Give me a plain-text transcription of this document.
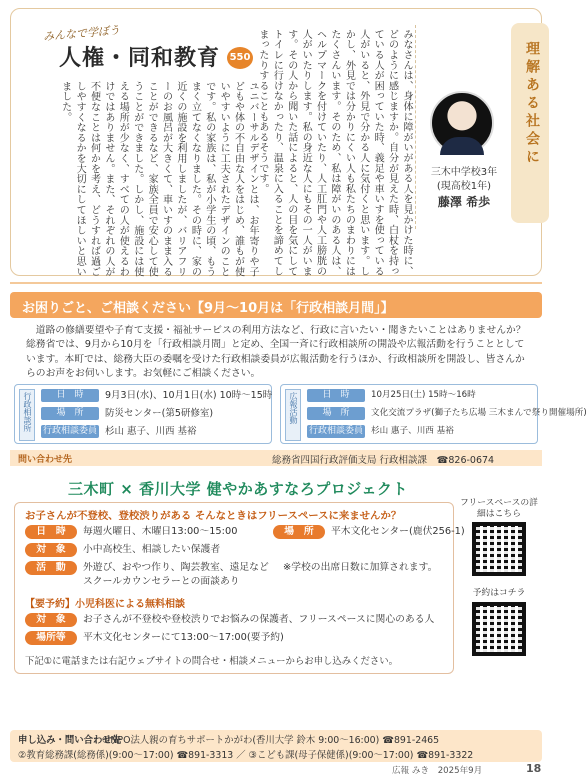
みんなで学ぼう
人権・同和教育 550
ユニバーサルデザインとは、お年寄りや子どもや体の不自由な人をはじめ、誰もが使いやすいように工夫されたデザインのことです。私の家族は、私が小学生の頃、もうまく立てなくなりました。その時に、家の近くの施設を利用しましたが、バリアフリーのお風呂が大きくて、車いすのまま入ることができるなど、家族全員で安心して使うことができました。しかし、施設には使える場所が少なく、すべての人が使えるわけではありません。また、それぞれの人が不便なことは何かを考え、どうすれば過ごしやすくなるかを大切にしてほしいと思いました。	みなさんは、身体に障がいがある人を見かけた時に、どのように感じますか。自分が見えた時、白杖を持っている人が困っていた時、義足や車いすを使っている人がいると、外見で分かる人に気付くと思います。しかし、外見では分かりにくい人も私たちのまわりにはたくさんいます。そのため、私は障がいのある人は、ヘルプマークを付けていたり、人工肛門や人工膀胱の人がいたりします。私の身近な人にもその一人がいます。その人から聞いた話によると、人の目を気にしてトイレに行けなかったり、温泉に入ることを諦めてしまったりすることもあるそうです。	三木中学校3年
(現高校1年)
藤澤 希歩
理解ある社会に
お困りごと、ご相談ください【9月〜10月は「行政相談月間」】
道路の修繕要望や子育て支援・福祉サービスの利用方法など、行政に言いたい・聞きたいことはありませんか？総務省では、9月から10月を「行政相談月間」と定め、全国一斉に行政相談所の開設や広報活動を行うこととしています。本町では、総務大臣の委嘱を受けた行政相談委員が広報活動を行うほか、行政相談所を開設し、皆さんからのお声をお伺いします。お気軽にご相談ください。
行政相談所	日　時	9月3日(水)、10月1日(水) 10時〜15時
場　所	防災センター(第5研修室)
行政相談委員 杉山 惠子、川西 基裕
広報活動	日　時	10月25日(土) 15時〜16時
場　所	文化交流プラザ(獅子たち広場 三木まんで祭り開催場所)
行政相談委員 杉山 惠子、川西 基裕
問い合わせ先	総務省四国行政評価支局 行政相談課　☎826-0674
三木町 × 香川大学 健やかあすなろプロジェクト
お子さんが不登校、登校渋りがある そんなときはフリースペースに来ませんか？
日　時	毎週火曜日、木曜日13:00〜15:00	場　所	平木文化センター(鹿伏256-1)
対　象	小中高校生、相談したい保護者
活　動	外遊び、おやつ作り、陶芸教室、遠足など ※学校の出席日数に加算されます。
スクールカウンセラーとの面談あり
【要予約】小児科医による無料相談
対　象	お子さんが不登校や登校渋りでお悩みの保護者、フリースペースに関心のある人
場所等	平木文化センターにて13:00〜17:00(要予約)
下記①に電話または右記ウェブサイトの問合せ・相談メニューからお申し込みください。
フリースペースの詳細はこちら
予約はコチラ
申し込み・問い合わせ先
①NPO法人親の育ちサポートかがわ(香川大学 鈴木 9:00〜16:00) ☎891-2465
②教育総務課(総務係)(9:00〜17:00) ☎891-3313 ／ ③こども課(母子保健係)(9:00〜17:00) ☎891-3322
広報 みき　2025年9月	18
